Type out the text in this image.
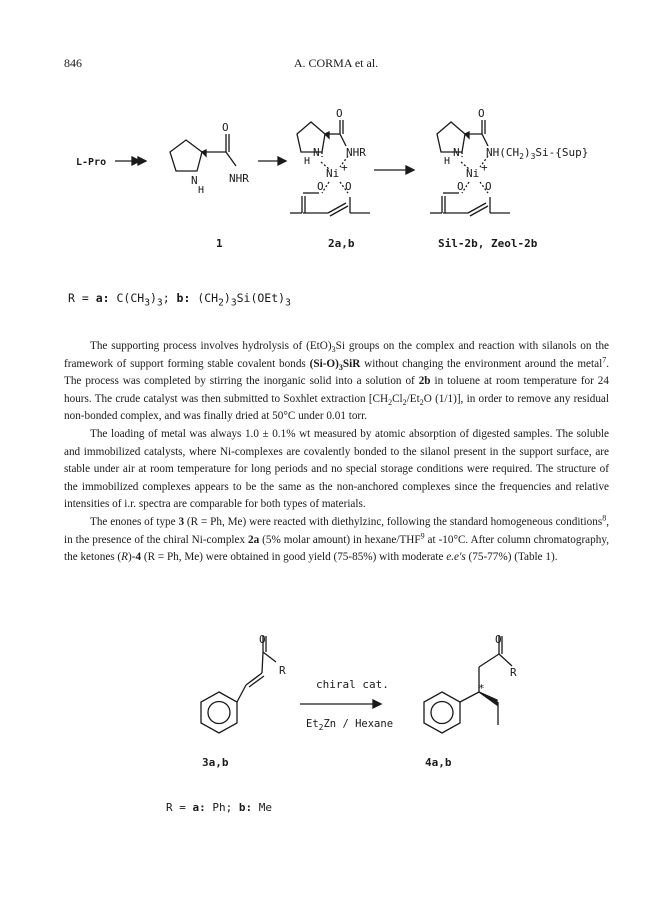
846	A. CORMA et al.
L-Pro
O
N
H
NHR
1
O
N
H
NHR
Ni +
O O
2a,b
O
N
H
$NH(CH_2)_3Si-\{Sup\}$
Ni +
O O
Sil-2b, Zeol-2b
R = a: $C(CH_3)_3$; b: $(CH_2)_3Si(OEt)_3$

The supporting process involves hydrolysis of $(EtO)_3Si$ groups on the complex and reaction with silanols on the framework of support forming stable covalent bonds $(Si-O)_3SiR$ without changing the environment around the metal$^7$. The process was completed by stirring the inorganic solid into a solution of 2b in toluene at room temperature for 24 hours. The crude catalyst was then submitted to Soxhlet extraction [$CH_2Cl_2/Et_2O$ (1/1)], in order to remove any residual non-bonded complex, and was finally dried at 50°C under 0.01 torr.

The loading of metal was always 1.0 ± 0.1% wt measured by atomic absorption of digested samples. The soluble and immobilized catalysts, where Ni-complexes are covalently bonded to the silanol present in the support surface, are stable under air at room temperature for long periods and no special storage conditions were required. The structure of the immobilized complexes appears to be the same as the non-anchored complexes since the frequencies and relative intensities of i.r. spectra are comparable for both types of materials.

The enones of type 3 (R = Ph, Me) were reacted with diethylzinc, following the standard homogeneous conditions$^8$, in the presence of the chiral Ni-complex 2a (5% molar amount) in hexane/THF$^9$ at -10°C. After column chromatography, the ketones (R)-4 (R = Ph, Me) were obtained in good yield (75-85%) with moderate e.e's (75-77%) (Table 1).

O
R
O
R
*
chiral cat.
$Et_2Zn$ / Hexane
3a,b	4a,b
R = a: Ph; b: Me
